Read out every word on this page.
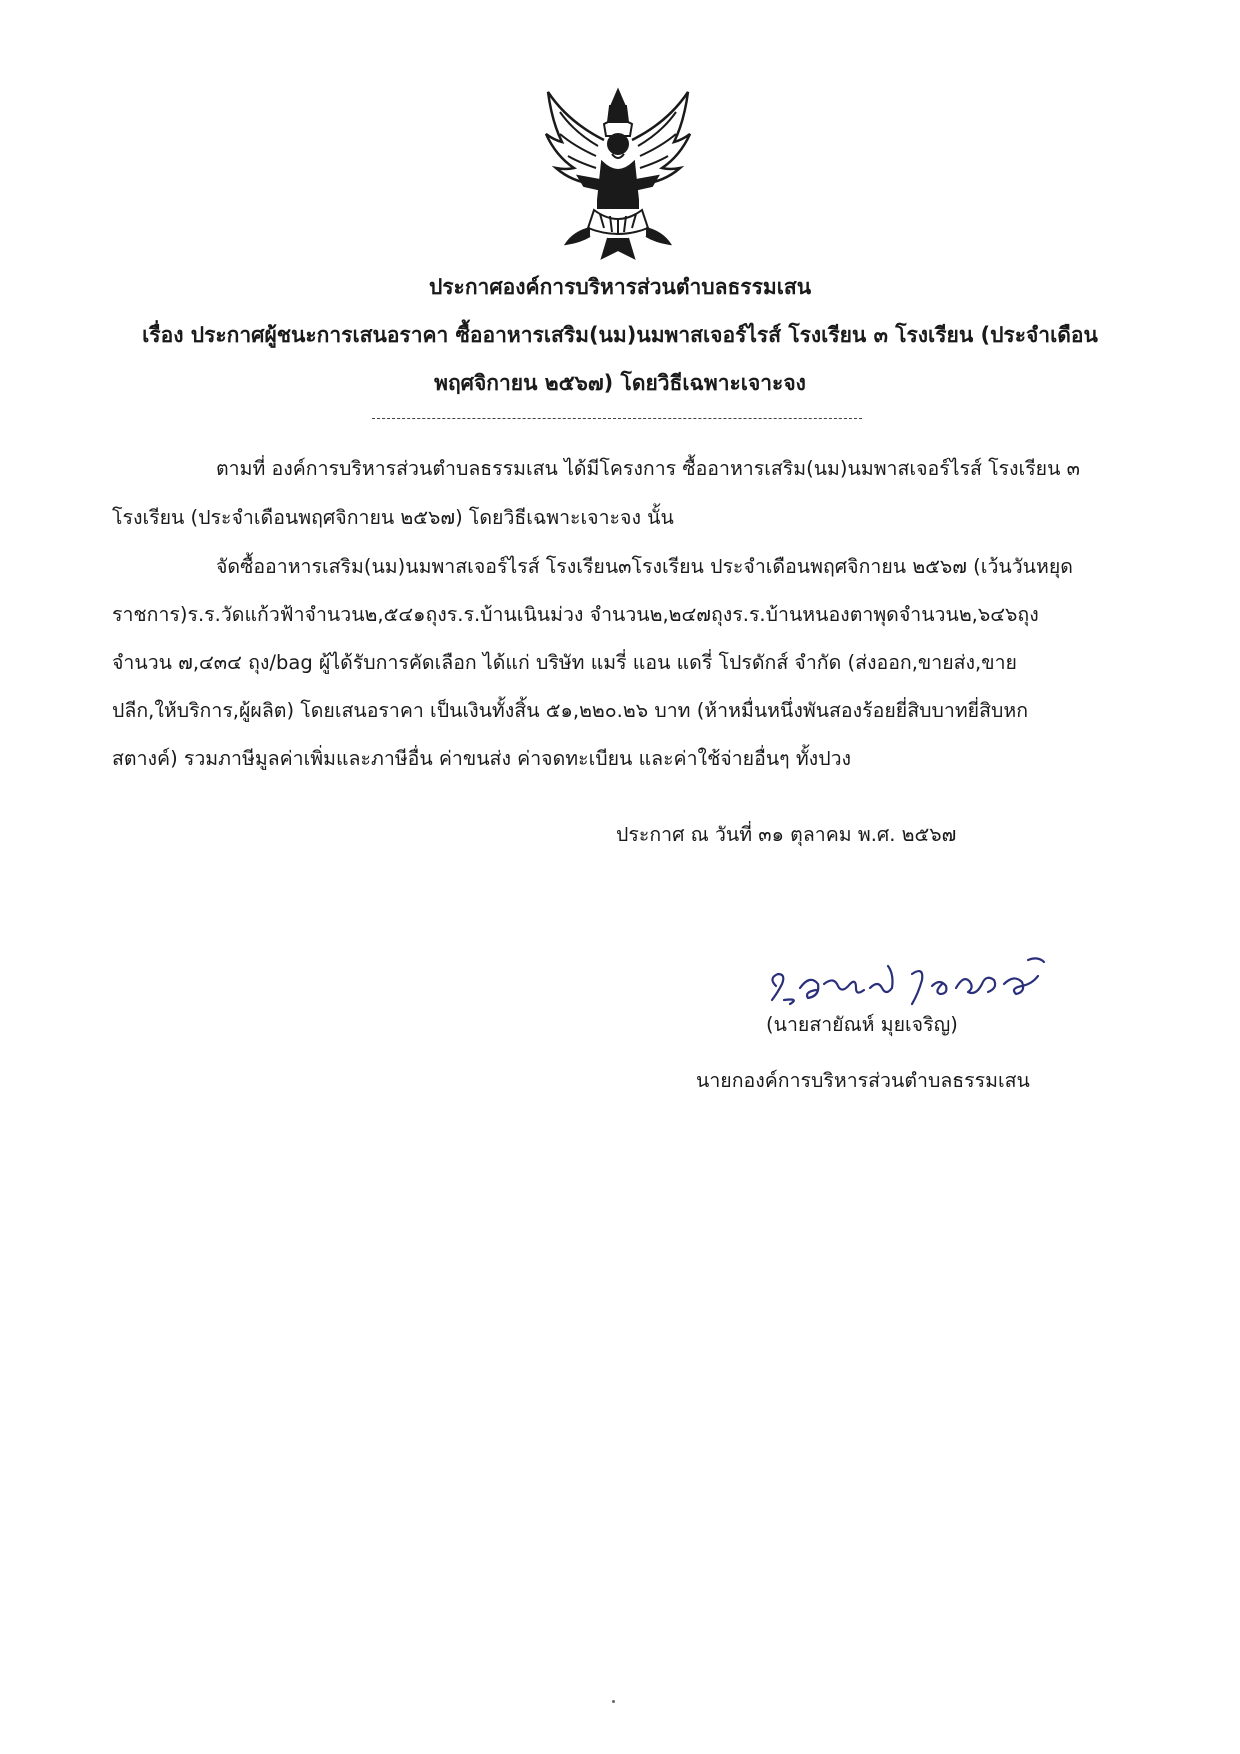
ประกาศองค์การบริหารส่วนตำบลธรรมเสน
เรื่อง ประกาศผู้ชนะการเสนอราคา ซื้ออาหารเสริม(นม)นมพาสเจอร์ไรส์ โรงเรียน ๓ โรงเรียน (ประจำเดือน
พฤศจิกายน ๒๕๖๗) โดยวิธีเฉพาะเจาะจง
ตามที่ องค์การบริหารส่วนตำบลธรรมเสน ได้มีโครงการ ซื้ออาหารเสริม(นม)นมพาสเจอร์ไรส์ โรงเรียน ๓
โรงเรียน (ประจำเดือนพฤศจิกายน ๒๕๖๗) โดยวิธีเฉพาะเจาะจง นั้น
จัดซื้ออาหารเสริม(นม)นมพาสเจอร์ไรส์ โรงเรียน๓โรงเรียน ประจำเดือนพฤศจิกายน ๒๕๖๗ (เว้นวันหยุด
ราชการ)ร.ร.วัดแก้วฟ้าจำนวน๒,๕๔๑ถุงร.ร.บ้านเนินม่วง จำนวน๒,๒๔๗ถุงร.ร.บ้านหนองตาพุดจำนวน๒,๖๔๖ถุง
จำนวน ๗,๔๓๔ ถุง/bag ผู้ได้รับการคัดเลือก ได้แก่ บริษัท แมรี่ แอน แดรี่ โปรดักส์ จำกัด (ส่งออก,ขายส่ง,ขาย
ปลีก,ให้บริการ,ผู้ผลิต) โดยเสนอราคา เป็นเงินทั้งสิ้น ๕๑,๒๒๐.๒๖ บาท (ห้าหมื่นหนึ่งพันสองร้อยยี่สิบบาทยี่สิบหก
สตางค์) รวมภาษีมูลค่าเพิ่มและภาษีอื่น ค่าขนส่ง ค่าจดทะเบียน และค่าใช้จ่ายอื่นๆ ทั้งปวง
ประกาศ ณ วันที่ ๓๑ ตุลาคม พ.ศ. ๒๕๖๗
(นายสายัณห์ มุยเจริญ)
นายกองค์การบริหารส่วนตำบลธรรมเสน
